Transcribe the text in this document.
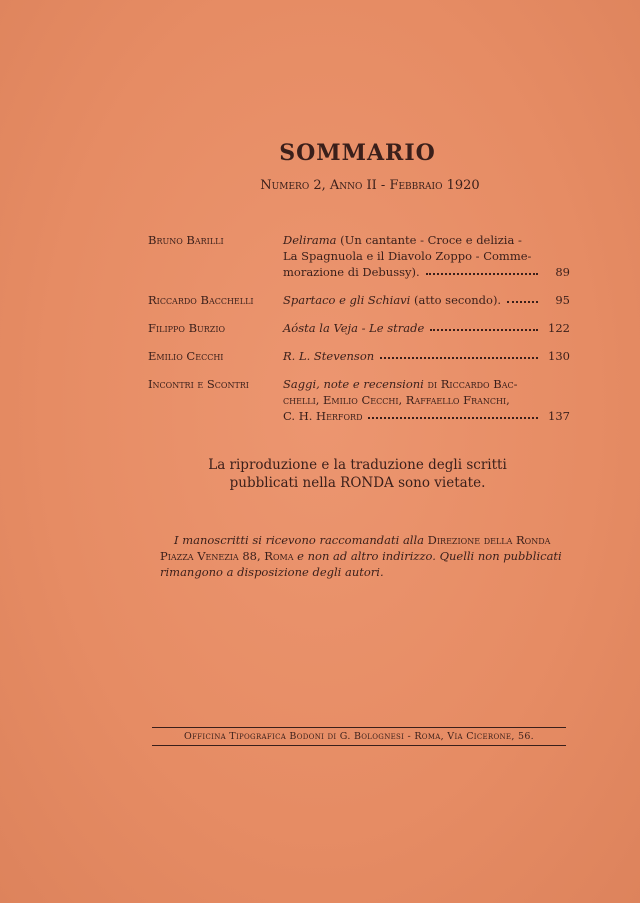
SOMMARIO
Numero 2, Anno II - Febbraio 1920
Bruno Barilli	Delirama (Un cantante - Croce e delizia -
La Spagnuola e il Diavolo Zoppo - Comme-
morazione di Debussy).	89
Riccardo Bacchelli	Spartaco e gli Schiavi (atto secondo).	95
Filippo Burzio	Aósta la Veja - Le strade	122
Emilio Cecchi	R. L. Stevenson	130
Incontri e Scontri	Saggi, note e recensioni di Riccardo Bac-
chelli, Emilio Cecchi, Raffaello Franchi,
C. H. Herford	137
La riproduzione e la traduzione degli scritti
pubblicati nella RONDA sono vietate.

I manoscritti si ricevono raccomandati alla Direzione della Ronda

Piazza Venezia 88, Roma e non ad altro indirizzo. Quelli non pubblicati

rimangono a disposizione degli autori.

Officina Tipografica Bodoni di G. Bolognesi - Roma, Via Cicerone, 56.
